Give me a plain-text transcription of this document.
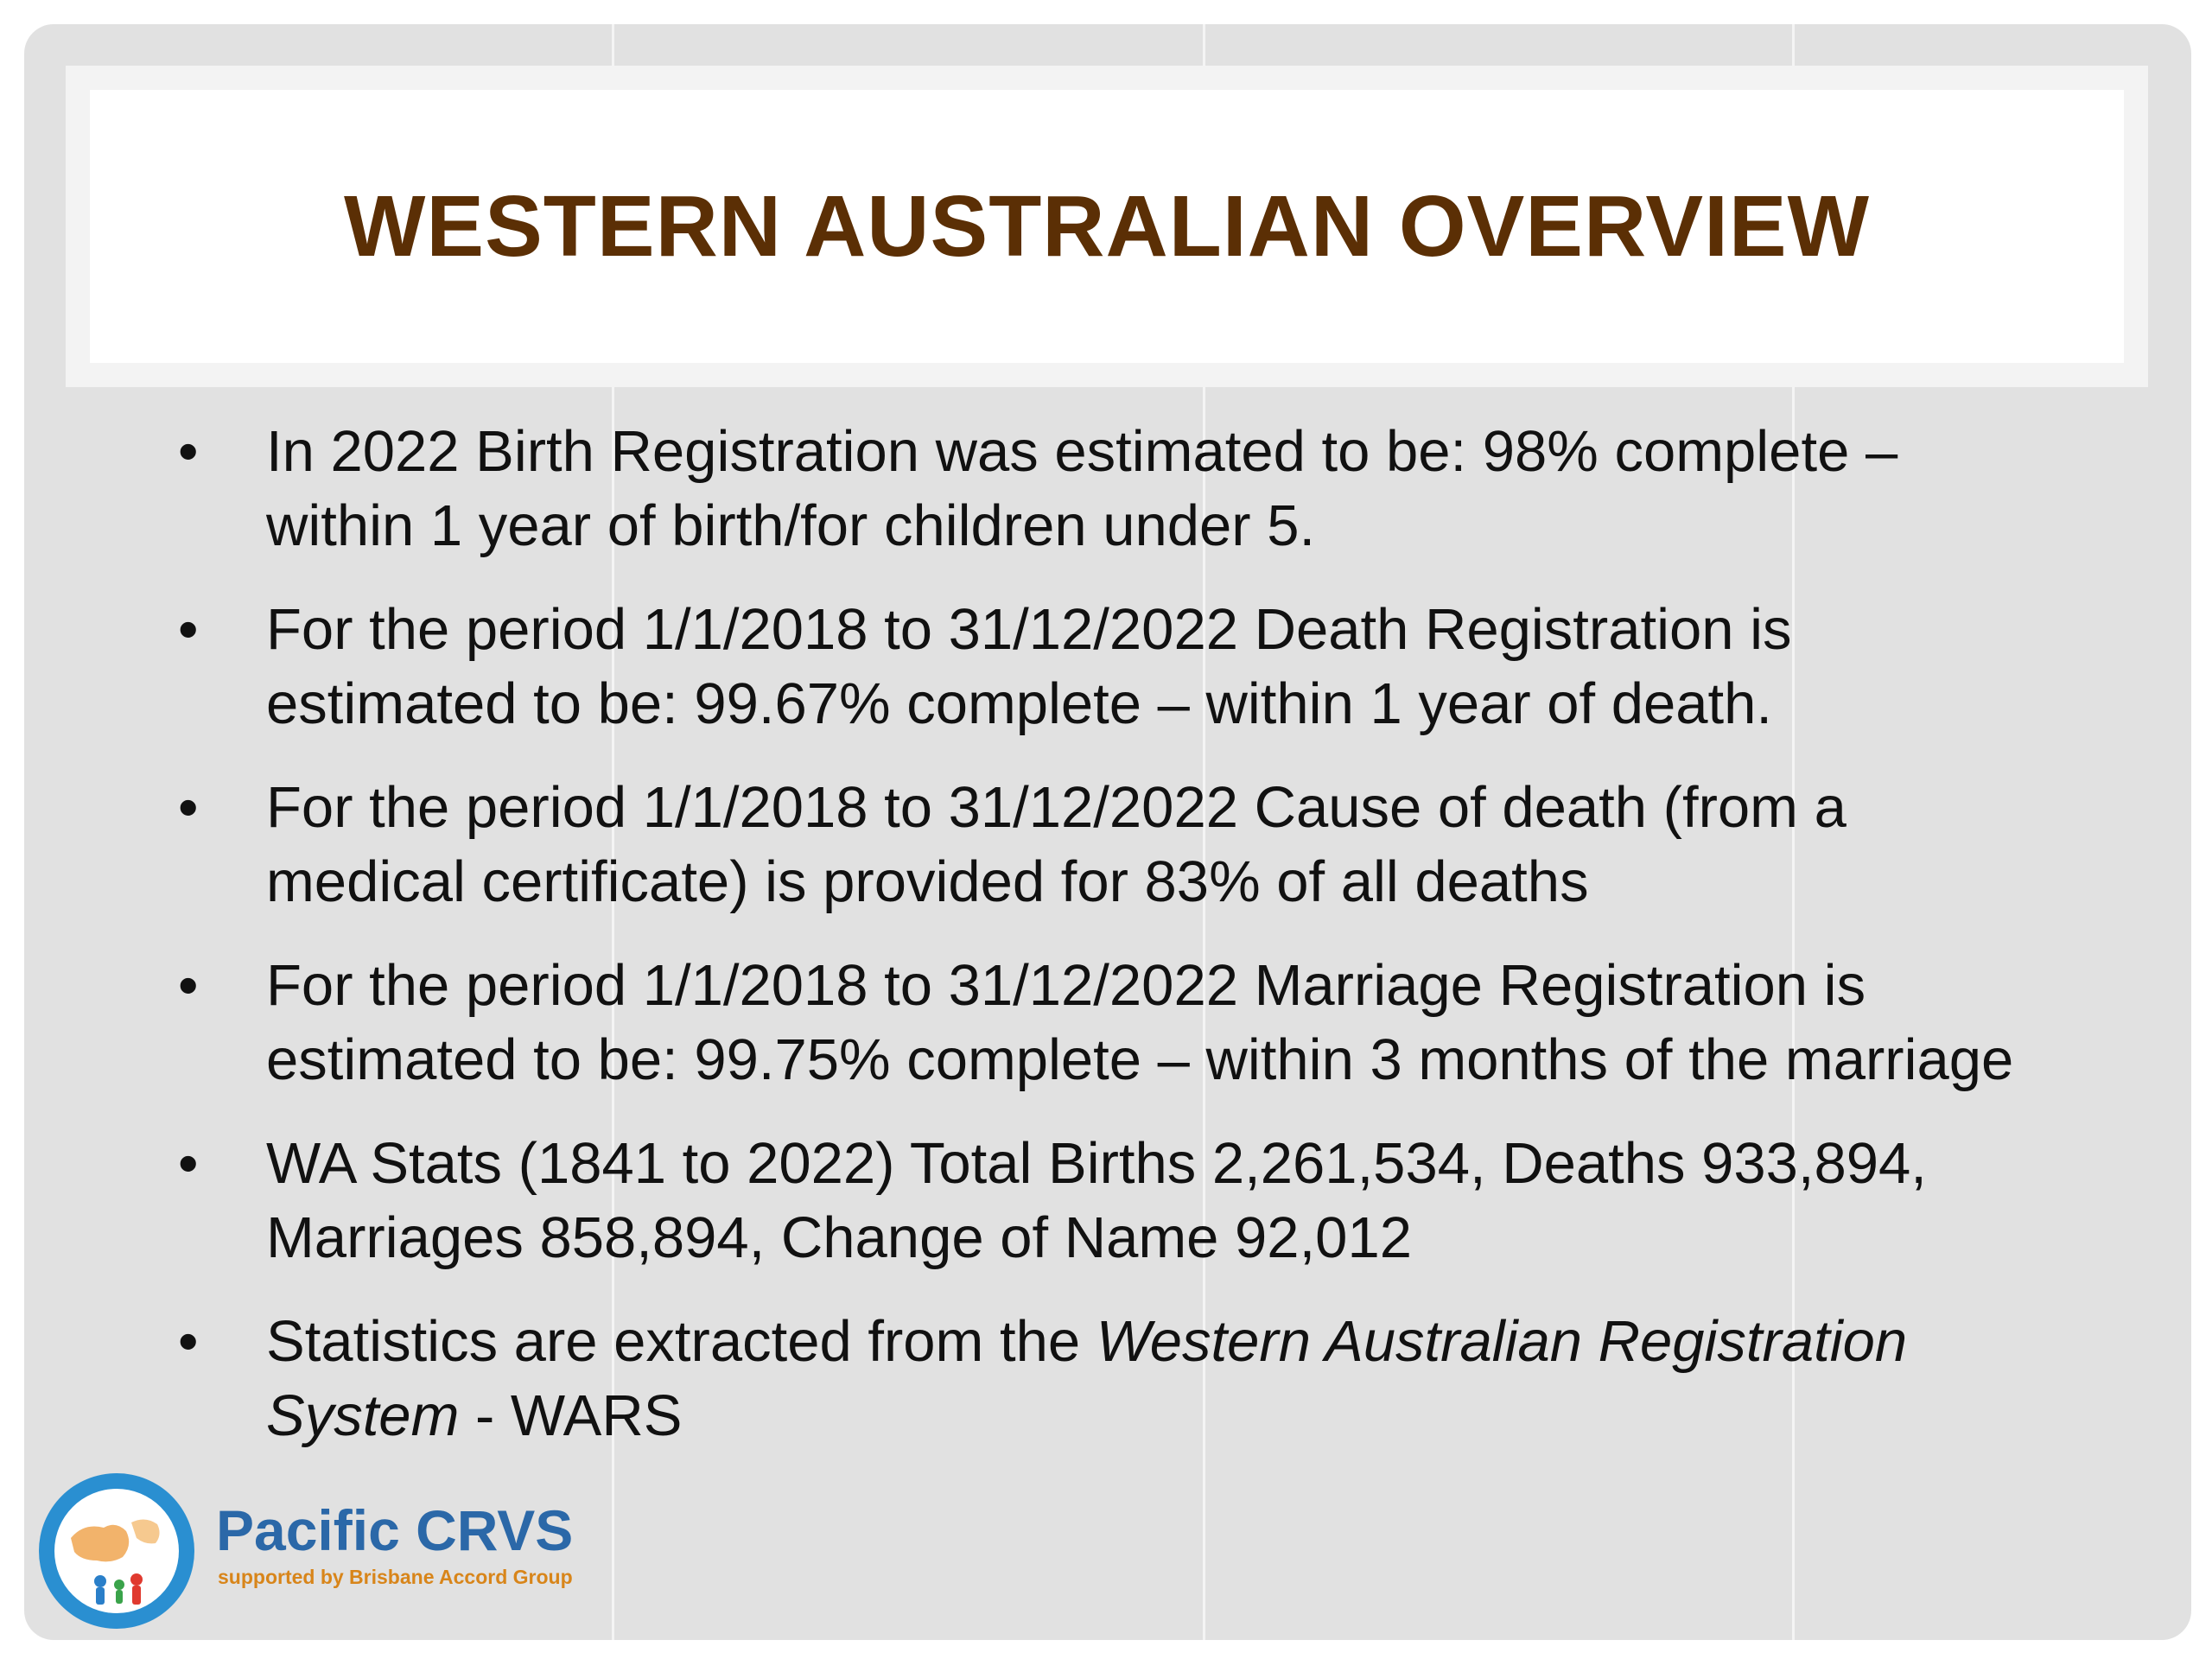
WESTERN AUSTRALIAN OVERVIEW
• In 2022 Birth Registration was estimated to be: 98% complete –
within 1 year of birth/for children under 5.
• For the period 1/1/2018 to 31/12/2022 Death Registration is
estimated to be: 99.67% complete – within 1 year of death.
• For the period 1/1/2018 to 31/12/2022 Cause of death (from a
medical certificate) is provided for 83% of all deaths
• For the period 1/1/2018 to 31/12/2022 Marriage Registration is
estimated to be: 99.75% complete – within 3 months of the marriage
• WA Stats (1841 to 2022) Total Births 2,261,534, Deaths 933,894,
Marriages 858,894, Change of Name 92,012
• Statistics are extracted from the Western Australian Registration
System - WARS
Pacific CRVS
supported by Brisbane Accord Group
